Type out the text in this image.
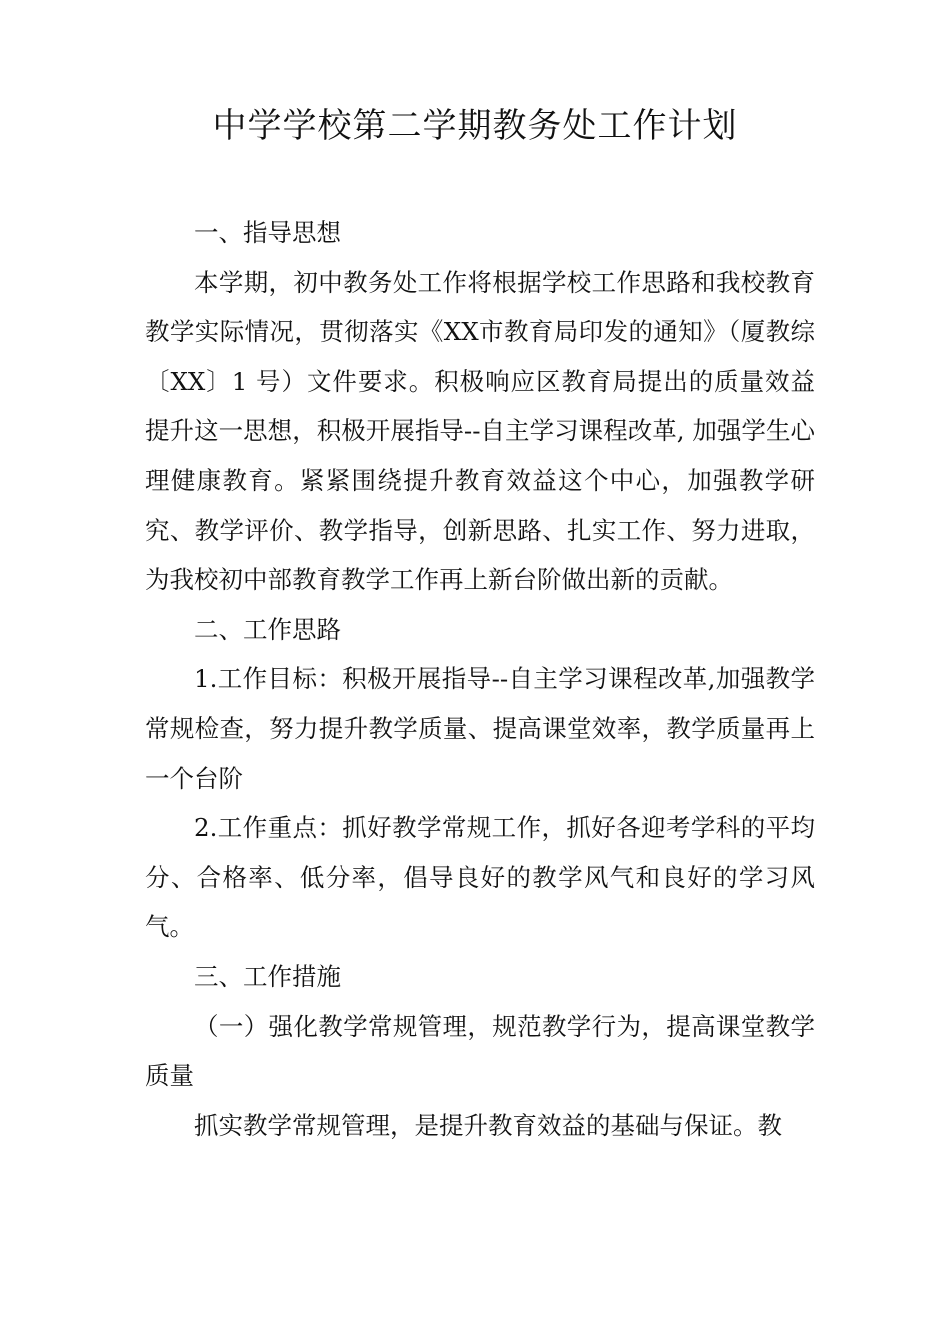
中学学校第二学期教务处工作计划

一、指导思想

本学期，初中教务处工作将根据学校工作思路和我校教育教学实际情况，贯彻落实《XX市教育局印发的通知》（厦教综〔XX〕1 号）文件要求。积极响应区教育局提出的质量效益提升这一思想，积极开展指导--自主学习课程改革, 加强学生心理健康教育。紧紧围绕提升教育效益这个中心，加强教学研究、教学评价、教学指导，创新思路、扎实工作、努力进取，为我校初中部教育教学工作再上新台阶做出新的贡献。

二、工作思路

1.工作目标：积极开展指导--自主学习课程改革,加强教学常规检查，努力提升教学质量、提高课堂效率，教学质量再上一个台阶

2.工作重点：抓好教学常规工作，抓好各迎考学科的平均分、合格率、低分率，倡导良好的教学风气和良好的学习风气。

三、工作措施

（一）强化教学常规管理，规范教学行为，提高课堂教学质量

抓实教学常规管理，是提升教育效益的基础与保证。教
